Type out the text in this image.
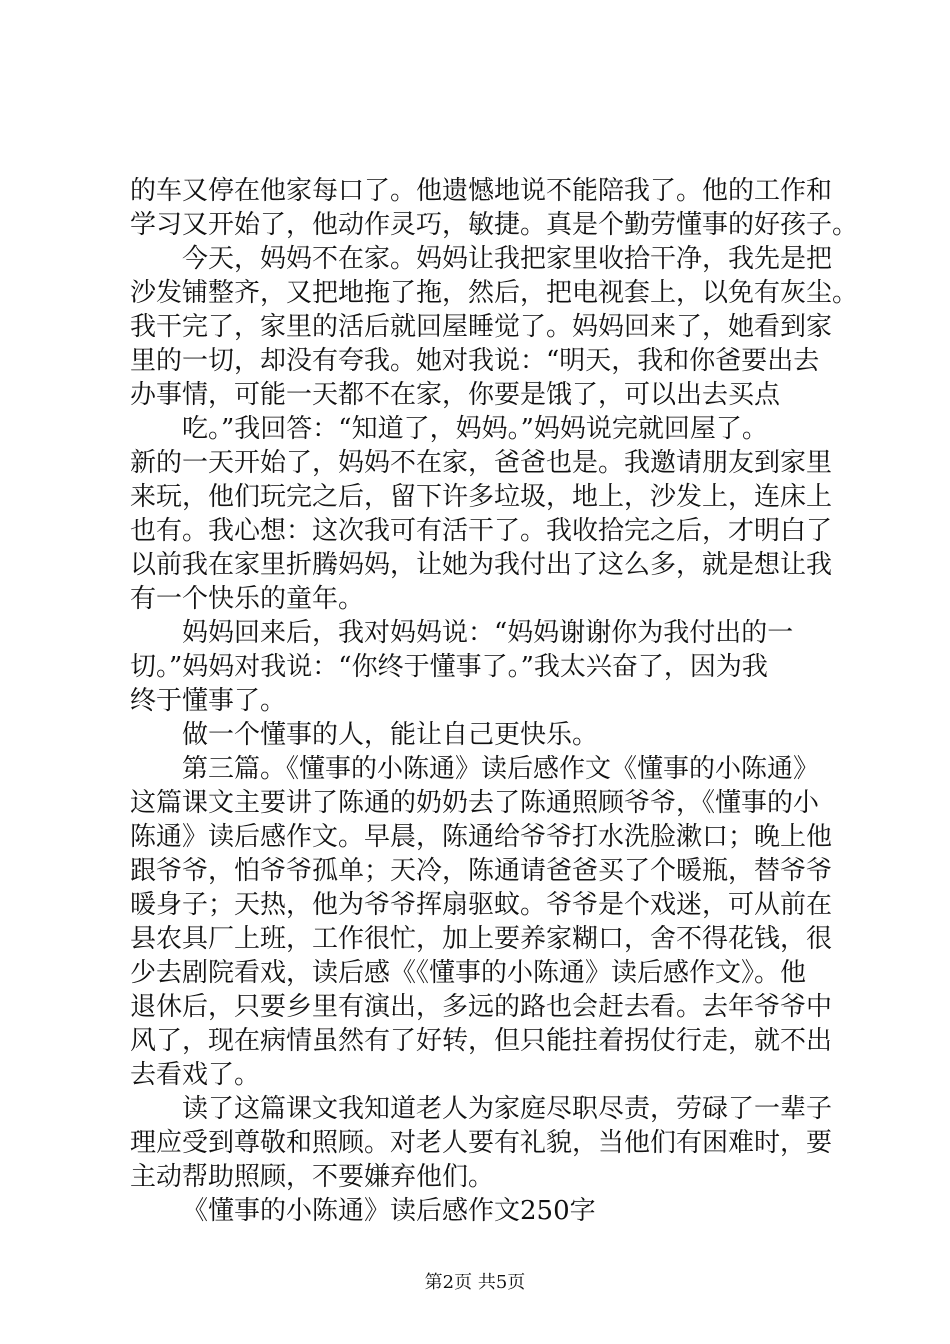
的车又停在他家每口了。他遗憾地说不能陪我了。他的工作和
学习又开始了，他动作灵巧，敏捷。真是个勤劳懂事的好孩子。
今天，妈妈不在家。妈妈让我把家里收拾干净，我先是把
沙发铺整齐，又把地拖了拖，然后，把电视套上，以免有灰尘。
我干完了，家里的活后就回屋睡觉了。妈妈回来了，她看到家
里的一切，却没有夸我。她对我说：“明天，我和你爸要出去
办事情，可能一天都不在家，你要是饿了，可以出去买点
吃。”我回答：“知道了，妈妈。”妈妈说完就回屋了。
新的一天开始了，妈妈不在家，爸爸也是。我邀请朋友到家里
来玩，他们玩完之后，留下许多垃圾，地上，沙发上，连床上
也有。我心想：这次我可有活干了。我收拾完之后，才明白了
以前我在家里折腾妈妈，让她为我付出了这么多，就是想让我
有一个快乐的童年。
妈妈回来后，我对妈妈说：“妈妈谢谢你为我付出的一
切。”妈妈对我说：“你终于懂事了。”我太兴奋了，因为我
终于懂事了。
做一个懂事的人，能让自己更快乐。
第三篇。《懂事的小陈通》读后感作文《懂事的小陈通》
这篇课文主要讲了陈通的奶奶去了陈通照顾爷爷，《懂事的小
陈通》读后感作文。早晨，陈通给爷爷打水洗脸漱口；晚上他
跟爷爷，怕爷爷孤单；天冷，陈通请爸爸买了个暖瓶，替爷爷
暖身子；天热，他为爷爷挥扇驱蚊。爷爷是个戏迷，可从前在
县农具厂上班，工作很忙，加上要养家糊口，舍不得花钱，很
少去剧院看戏，读后感《《懂事的小陈通》读后感作文》。他
退休后，只要乡里有演出，多远的路也会赶去看。去年爷爷中
风了，现在病情虽然有了好转，但只能拄着拐仗行走，就不出
去看戏了。
读了这篇课文我知道老人为家庭尽职尽责，劳碌了一辈子
理应受到尊敬和照顾。对老人要有礼貌，当他们有困难时，要
主动帮助照顾，不要嫌弃他们。
《懂事的小陈通》读后感作文250字
第2页 共5页
